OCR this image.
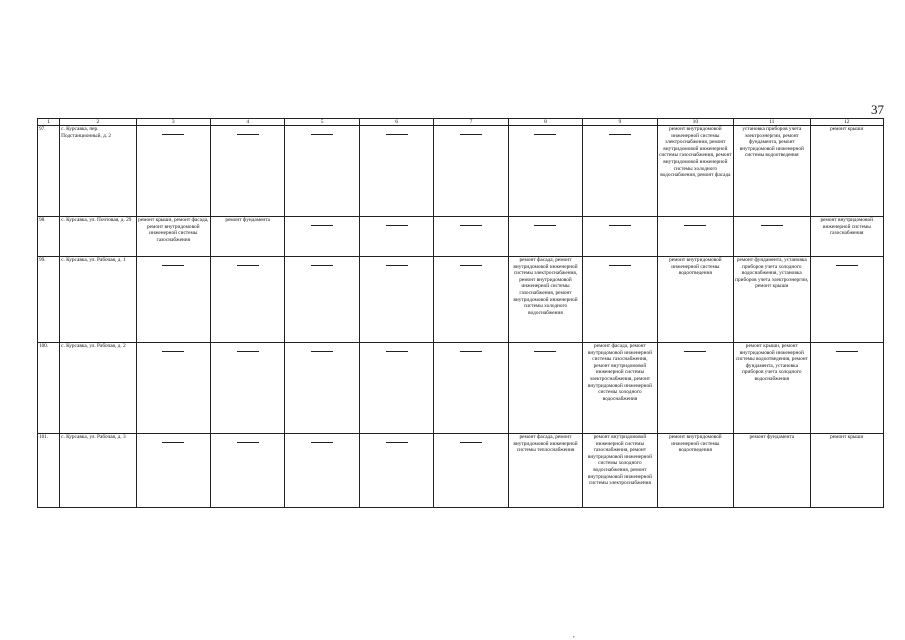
37
1	2	3	4	5	6	7	8	9	10	11	12
97.	с. Курсавка, пер. Подстанционный, д. 2								ремонт внутридомовой инженерной системы электроснабжения, ремонт внутридомовой инженерной системы газоснабжения, ремонт внутридомовой инженерной системы холодного водоснабжения, ремонт фасада	установка приборов учета электроэнергии, ремонт фундамента, ремонт внутридомовой инженерной системы водоотведения	ремонт крыши
98.	с. Курсавка, ул. Почтовая, д. 29	ремонт крыши, ремонт фасада, ремонт внутридомовой инженерной системы газоснабжения	ремонт фундамента								ремонт внутридомовой инженерной системы газоснабжения
99.	с. Курсавка, ул. Рабочая, д. 1						ремонт фасада, ремонт внутридомовой инженерной системы электроснабжения, ремонт внутридомовой инженерной системы газоснабжения, ремонт внутридомовой инженерной системы холодного водоснабжения		ремонт внутридомовой инженерной системы водоотведения	ремонт фундамента, установка приборов учета холодного водоснабжения, установка приборов учета электроэнергии, ремонт крыши	

100.	с. Курсавка, ул. Рабочая, д. 2							ремонт фасада, ремонт внутридомовой инженерной системы газоснабжения, ремонт внутридомовой инженерной системы электроснабжения, ремонт внутридомовой инженерной системы холодного водоснабжения		ремонт крыши, ремонт внутридомовой инженерной системы водоотведения, ремонт фундамента, установка приборов учета холодного водоснабжения	

101.	с. Курсавка, ул. Рабочая, д. 3						ремонт фасада, ремонт внутридомовой инженерной системы теплоснабжения	ремонт внутридомовой инженерной системы газоснабжения, ремонт внутридомовой инженерной системы холодного водоснабжения, ремонт внутридомовой инженерной системы электроснабжения	ремонт внутридомовой инженерной системы водоотведения	ремонт фундамента	ремонт крыши
,
